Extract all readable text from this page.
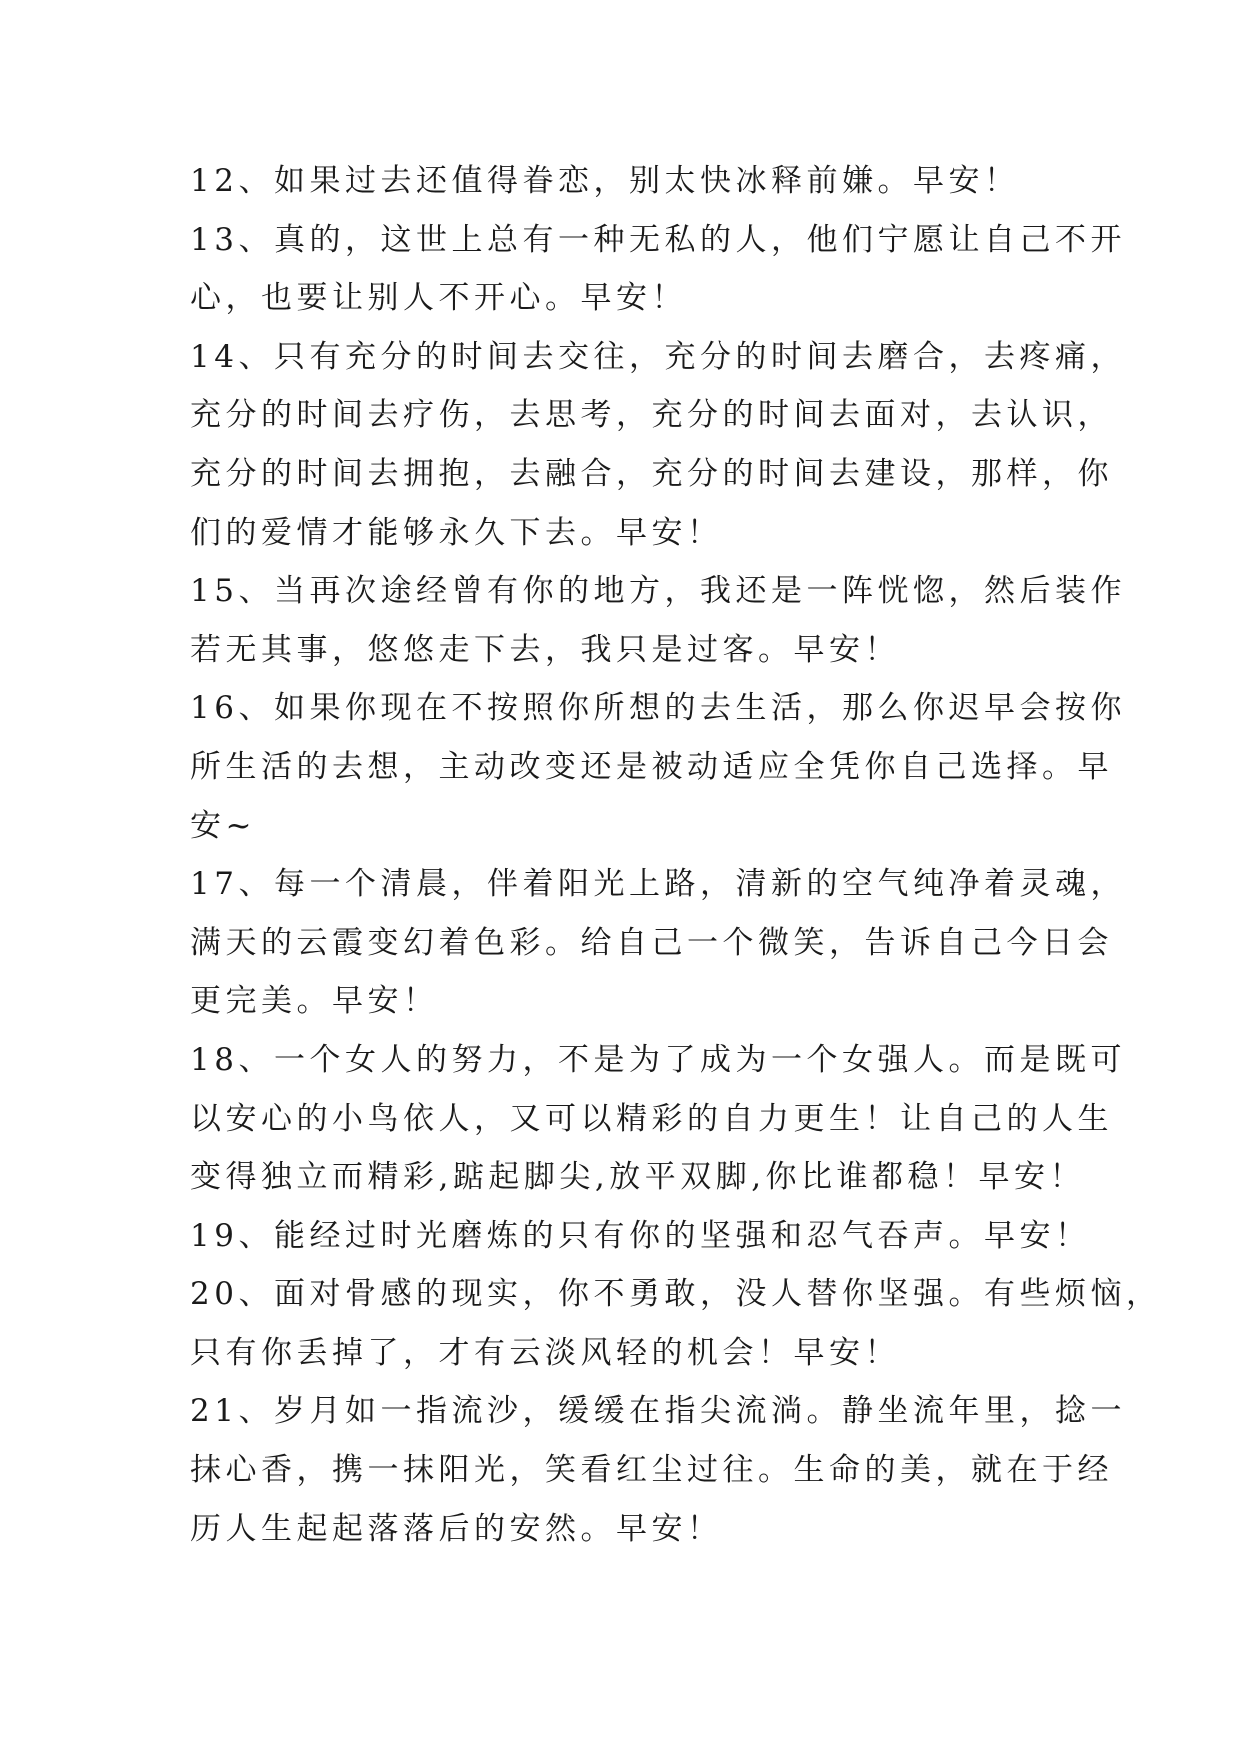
12、如果过去还值得眷恋，别太快冰释前嫌。早安！
13、真的，这世上总有一种无私的人，他们宁愿让自己不开
心，也要让别人不开心。早安！
14、只有充分的时间去交往，充分的时间去磨合，去疼痛，
充分的时间去疗伤，去思考，充分的时间去面对，去认识，
充分的时间去拥抱，去融合，充分的时间去建设，那样，你
们的爱情才能够永久下去。早安！
15、当再次途经曾有你的地方，我还是一阵恍惚，然后装作
若无其事，悠悠走下去，我只是过客。早安！
16、如果你现在不按照你所想的去生活，那么你迟早会按你
所生活的去想，主动改变还是被动适应全凭你自己选择。早
安~
17、每一个清晨，伴着阳光上路，清新的空气纯净着灵魂，
满天的云霞变幻着色彩。给自己一个微笑，告诉自己今日会
更完美。早安！
18、一个女人的努力，不是为了成为一个女强人。而是既可
以安心的小鸟依人，又可以精彩的自力更生！让自己的人生
变得独立而精彩,踮起脚尖,放平双脚,你比谁都稳！早安！
19、能经过时光磨炼的只有你的坚强和忍气吞声。早安！
20、面对骨感的现实，你不勇敢，没人替你坚强。有些烦恼，
只有你丢掉了，才有云淡风轻的机会！早安！
21、岁月如一指流沙，缓缓在指尖流淌。静坐流年里，捻一
抹心香，携一抹阳光，笑看红尘过往。生命的美，就在于经
历人生起起落落后的安然。早安！
